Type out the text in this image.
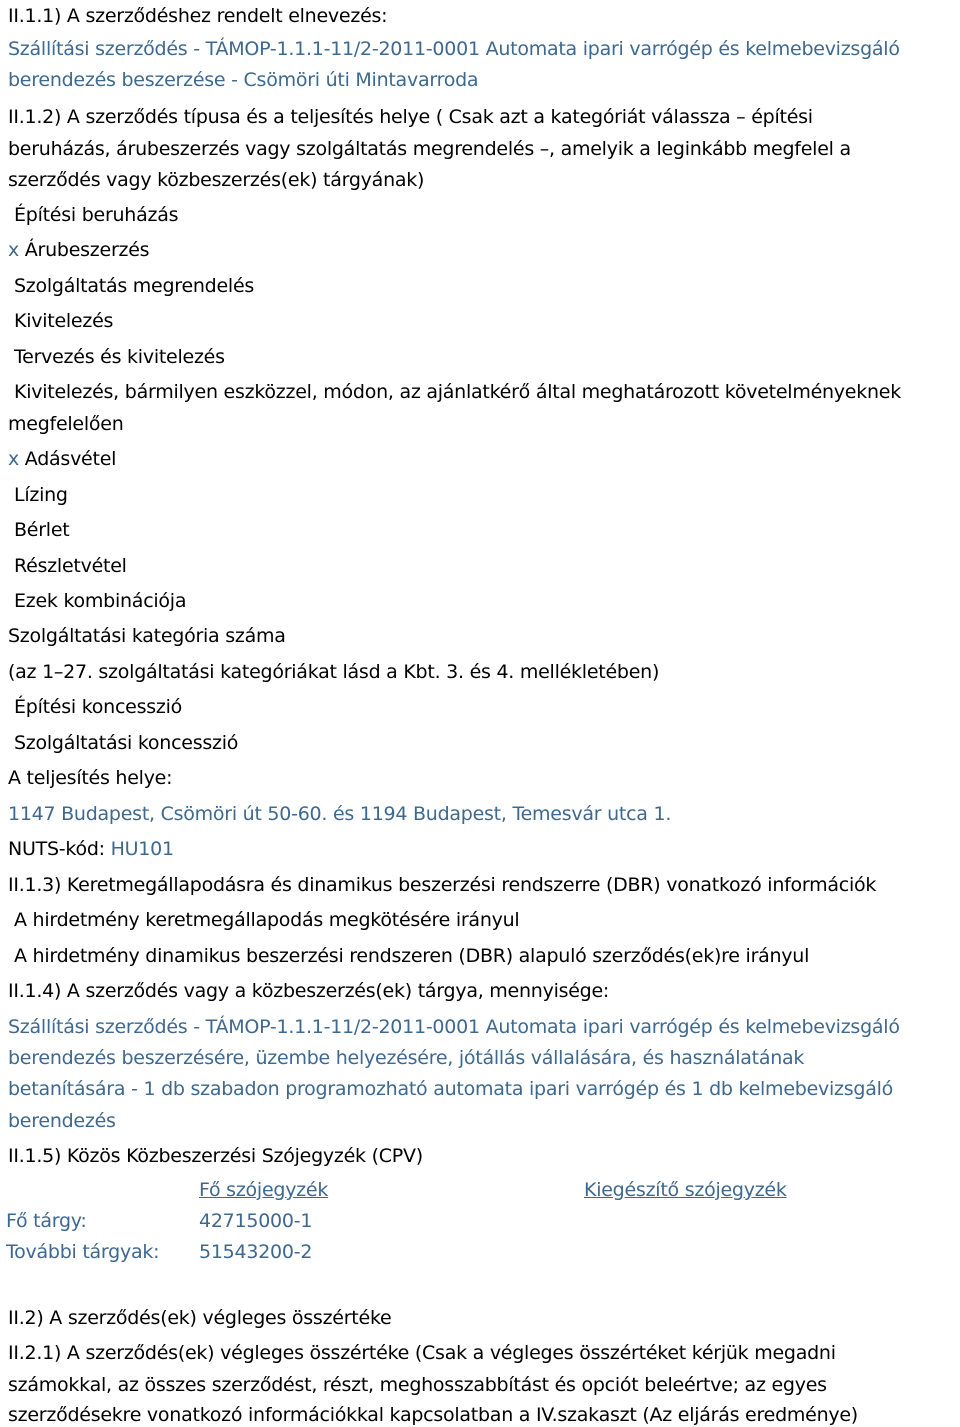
II.1.1) A szerződéshez rendelt elnevezés:
Szállítási szerződés - TÁMOP-1.1.1-11/2-2011-0001 Automata ipari varrógép és kelmebevizsgáló
berendezés beszerzése - Csömöri úti Mintavarroda
II.1.2) A szerződés típusa és a teljesítés helye ( Csak azt a kategóriát válassza – építési
beruházás, árubeszerzés vagy szolgáltatás megrendelés –, amelyik a leginkább megfelel a
szerződés vagy közbeszerzés(ek) tárgyának)
Építési beruházás
x Árubeszerzés
Szolgáltatás megrendelés
Kivitelezés
Tervezés és kivitelezés
Kivitelezés, bármilyen eszközzel, módon, az ajánlatkérő által meghatározott követelményeknek
megfelelően
x Adásvétel
Lízing
Bérlet
Részletvétel
Ezek kombinációja
Szolgáltatási kategória száma
(az 1–27. szolgáltatási kategóriákat lásd a Kbt. 3. és 4. mellékletében)
Építési koncesszió
Szolgáltatási koncesszió
A teljesítés helye:
1147 Budapest, Csömöri út 50-60. és 1194 Budapest, Temesvár utca 1.
NUTS-kód: HU101
II.1.3) Keretmegállapodásra és dinamikus beszerzési rendszerre (DBR) vonatkozó információk
A hirdetmény keretmegállapodás megkötésére irányul
A hirdetmény dinamikus beszerzési rendszeren (DBR) alapuló szerződés(ek)re irányul
II.1.4) A szerződés vagy a közbeszerzés(ek) tárgya, mennyisége:
Szállítási szerződés - TÁMOP-1.1.1-11/2-2011-0001 Automata ipari varrógép és kelmebevizsgáló
berendezés beszerzésére, üzembe helyezésére, jótállás vállalására, és használatának
betanítására - 1 db szabadon programozható automata ipari varrógép és 1 db kelmebevizsgáló
berendezés
II.1.5) Közös Közbeszerzési Szójegyzék (CPV)
Fő szójegyzék	Kiegészítő szójegyzék
Fő tárgy:	42715000-1
További tárgyak: 51543200-2
II.2) A szerződés(ek) végleges összértéke
II.2.1) A szerződés(ek) végleges összértéke (Csak a végleges összértéket kérjük megadni
számokkal, az összes szerződést, részt, meghosszabbítást és opciót beleértve; az egyes
szerződésekre vonatkozó információkkal kapcsolatban a IV.szakaszt (Az eljárás eredménye)
